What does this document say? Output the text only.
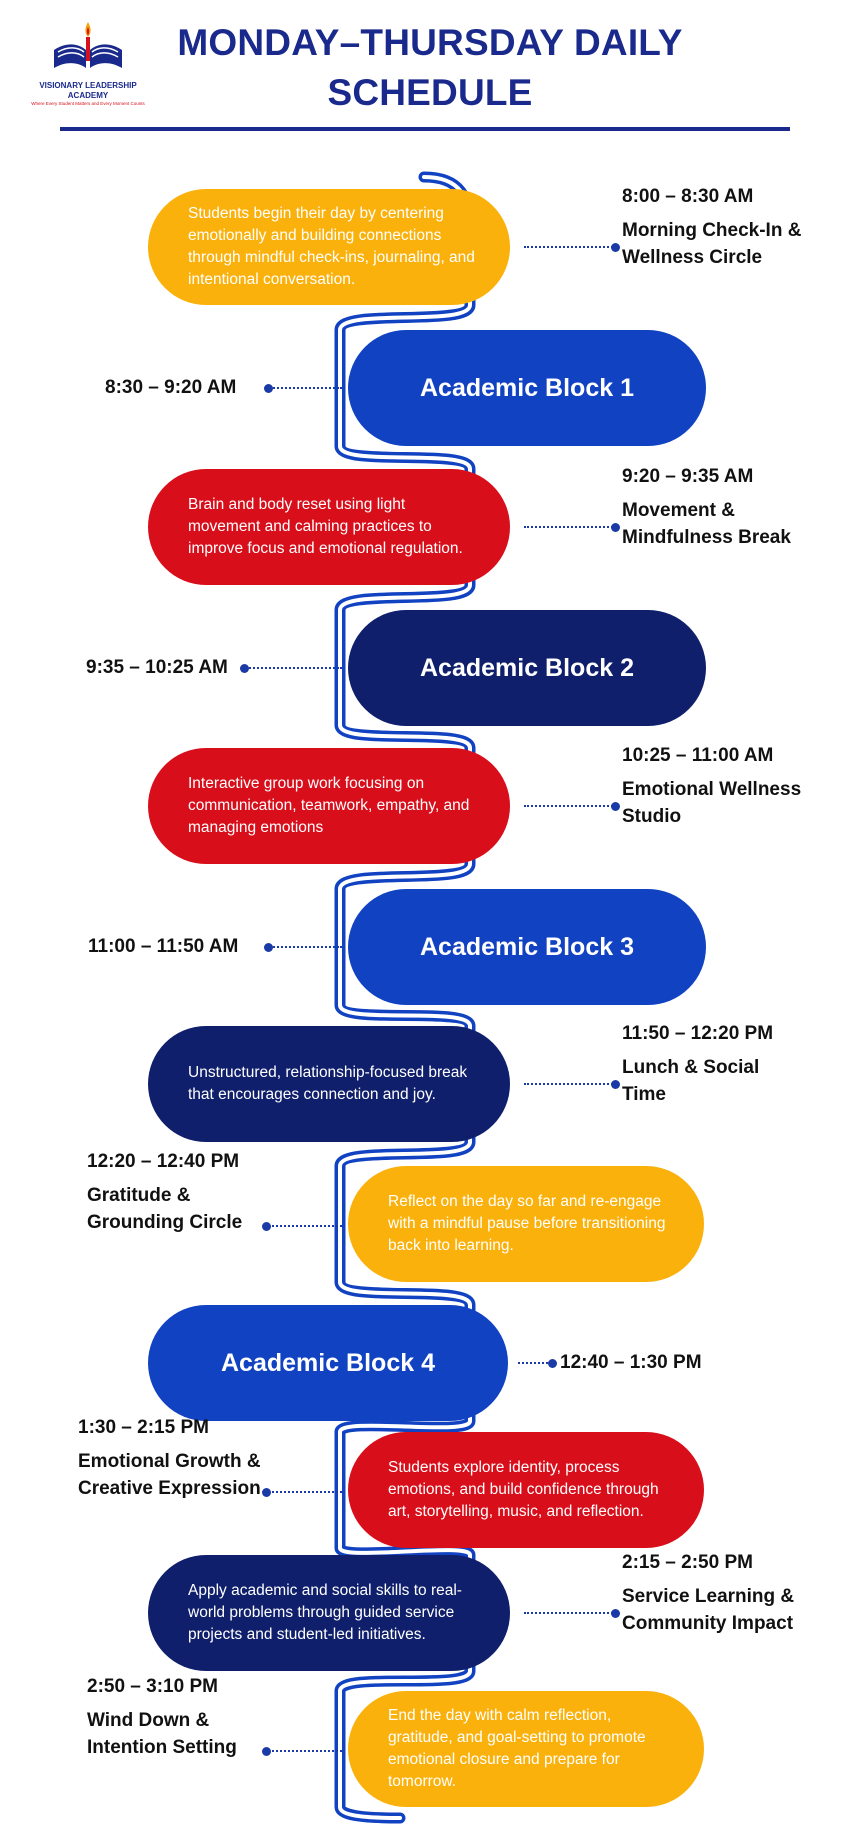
VISIONARY LEADERSHIP
ACADEMY
Where Every Student Matters and Every Moment Counts
MONDAY–THURSDAY DAILY
SCHEDULE
Students begin their day by centering emotionally and building connections through mindful check-ins, journaling, and intentional conversation.
8:00 – 8:30 AM
Morning Check-In & Wellness Circle
Academic Block 1
8:30 – 9:20 AM
Brain and body reset using light movement and calming practices to improve focus and emotional regulation.
9:20 – 9:35 AM
Movement & Mindfulness Break
Academic Block 2
9:35 – 10:25 AM
Interactive group work focusing on communication, teamwork, empathy, and managing emotions
10:25 – 11:00 AM
Emotional Wellness Studio
Academic Block 3
11:00 – 11:50 AM
Unstructured, relationship-focused break that encourages connection and joy.
11:50 – 12:20 PM
Lunch & Social Time
Reflect on the day so far and re-engage with a mindful pause before transitioning back into learning.
12:20 – 12:40 PM
Gratitude & Grounding Circle
Academic Block 4	12:40 – 1:30 PM
Students explore identity, process emotions, and build confidence through art, storytelling, music, and reflection.
1:30 – 2:15 PM
Emotional Growth & Creative Expression
Apply academic and social skills to real-world problems through guided service projects and student-led initiatives.
2:15 – 2:50 PM
Service Learning & Community Impact
End the day with calm reflection, gratitude, and goal-setting to promote emotional closure and prepare for tomorrow.
2:50 – 3:10 PM
Wind Down & Intention Setting
